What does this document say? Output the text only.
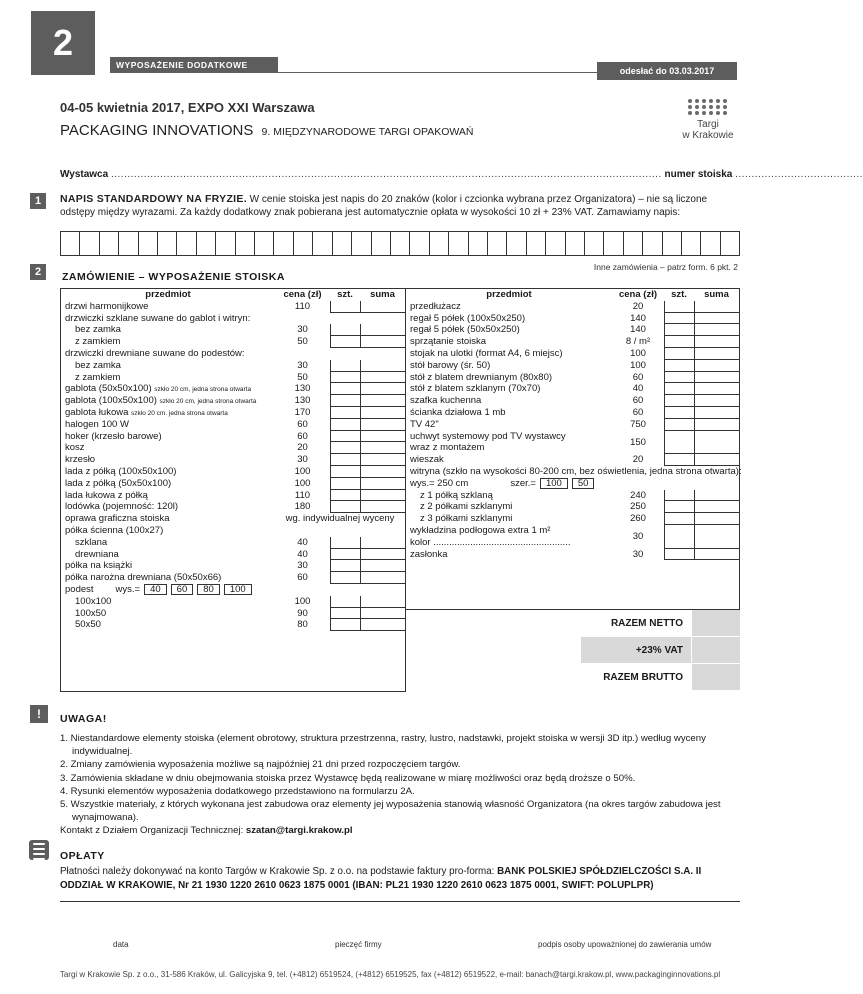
2
WYPOSAŻENIE DODATKOWE
odesłać do 03.03.2017
04-05 kwietnia 2017, EXPO XXI Warszawa
PACKAGING INNOVATIONS 9. MIĘDZYNARODOWE TARGI OPAKOWAŃ
Targi
w Krakowie
Wystawca ........................................................................................................................................................................ numer stoiska .......................................
1	NAPIS STANDARDOWY NA FRYZIE. W cenie stoiska jest napis do 20 znaków (kolor i czcionka wybrana przez Organizatora) – nie są liczone odstępy między wyrazami. Za każdy dodatkowy znak pobierana jest automatycznie opłata w wysokości 10 zł + 23% VAT. Zamawiamy napis:
2	Inne zamówienia – patrz form. 6 pkt. 2
ZAMÓWIENIE – WYPOSAŻENIE STOISKA
przedmiot	cena (zł)	szt.	suma
drzwi harmonijkowe	110
drzwiczki szklane suwane do gablot i witryn:
bez zamka	30
z zamkiem	50
drzwiczki drewniane suwane do podestów:
bez zamka	30
z zamkiem	50
gablota (50x50x100) szkło 20 cm, jedna strona otwarta	130
gablota (100x50x100) szkło 20 cm, jedna strona otwarta	130
gablota łukowa szkło 20 cm. jedna strona otwarta	170
halogen 100 W	60
hoker (krzesło barowe)	60
kosz	20
krzesło	30
lada z półką (100x50x100)	100
lada z półką (50x50x100)	100
lada łukowa z półką	110
lodówka (pojemność: 120l)	180
oprawa graficzna stoiska	wg. indywidualnej wyceny
półka ścienna (100x27)
szklana	40
drewniana	40
półka na książki	30
półka narożna drewniana (50x50x66)	60
podest wys.= 40 60 80 100
100x100	100
100x50	90
50x50	80
przedmiot	cena (zł)	szt.	suma
przedłużacz	20
regał 5 półek (100x50x250)	140
regał 5 półek (50x50x250)	140
sprzątanie stoiska	8 / m²
stojak na ulotki (format A4, 6 miejsc)	100
stół barowy (śr. 50)	100
stół z blatem drewnianym (80x80)	60
stół z blatem szklanym (70x70)	40
szafka kuchenna	60
ścianka działowa 1 mb	60
TV 42"	750
uchwyt systemowy pod TV wystawcy
wraz z montażem
150
wieszak	20
witryna (szkło na wysokości 80-200 cm, bez oświetlenia, jedna strona otwarta):
wys.= 250 cm	szer.= 100 50
z 1 półką szklaną	240
z 2 półkami szklanymi	250
z 3 półkami szklanymi	260
wykładzina podłogowa extra 1 m²
kolor ....................................................
30
zasłonka	30
RAZEM NETTO
+23% VAT
RAZEM BRUTTO
!	UWAGA!
1. Niestandardowe elementy stoiska (element obrotowy, struktura przestrzenna, rastry, lustro, nadstawki, projekt stoiska w wersji 3D itp.) według wyceny indywidualnej.
2. Zmiany zamówienia wyposażenia możliwe są najpóźniej 21 dni przed rozpoczęciem targów.
3. Zamówienia składane w dniu obejmowania stoiska przez Wystawcę będą realizowane w miarę możliwości oraz będą droższe o 50%.
4. Rysunki elementów wyposażenia dodatkowego przedstawiono na formularzu 2A.
5. Wszystkie materiały, z których wykonana jest zabudowa oraz elementy jej wyposażenia stanowią własność Organizatora (na okres targów zabudowa jest wynajmowana).
Kontakt z Działem Organizacji Technicznej: szatan@targi.krakow.pl
OPŁATY
Płatności należy dokonywać na konto Targów w Krakowie Sp. z o.o. na podstawie faktury pro-forma: BANK POLSKIEJ SPÓŁDZIELCZOŚCI S.A. II ODDZIAŁ W KRAKOWIE, Nr 21 1930 1220 2610 0623 1875 0001 (IBAN: PL21 1930 1220 2610 0623 1875 0001, SWIFT: POLUPLPR)
data	pieczęć firmy	podpis osoby upoważnionej do zawierania umów
Targi w Krakowie Sp. z o.o., 31-586 Kraków, ul. Galicyjska 9, tel. (+4812) 6519524, (+4812) 6519525, fax (+4812) 6519522, e-mail: banach@targi.krakow.pl, www.packaginginnovations.pl
